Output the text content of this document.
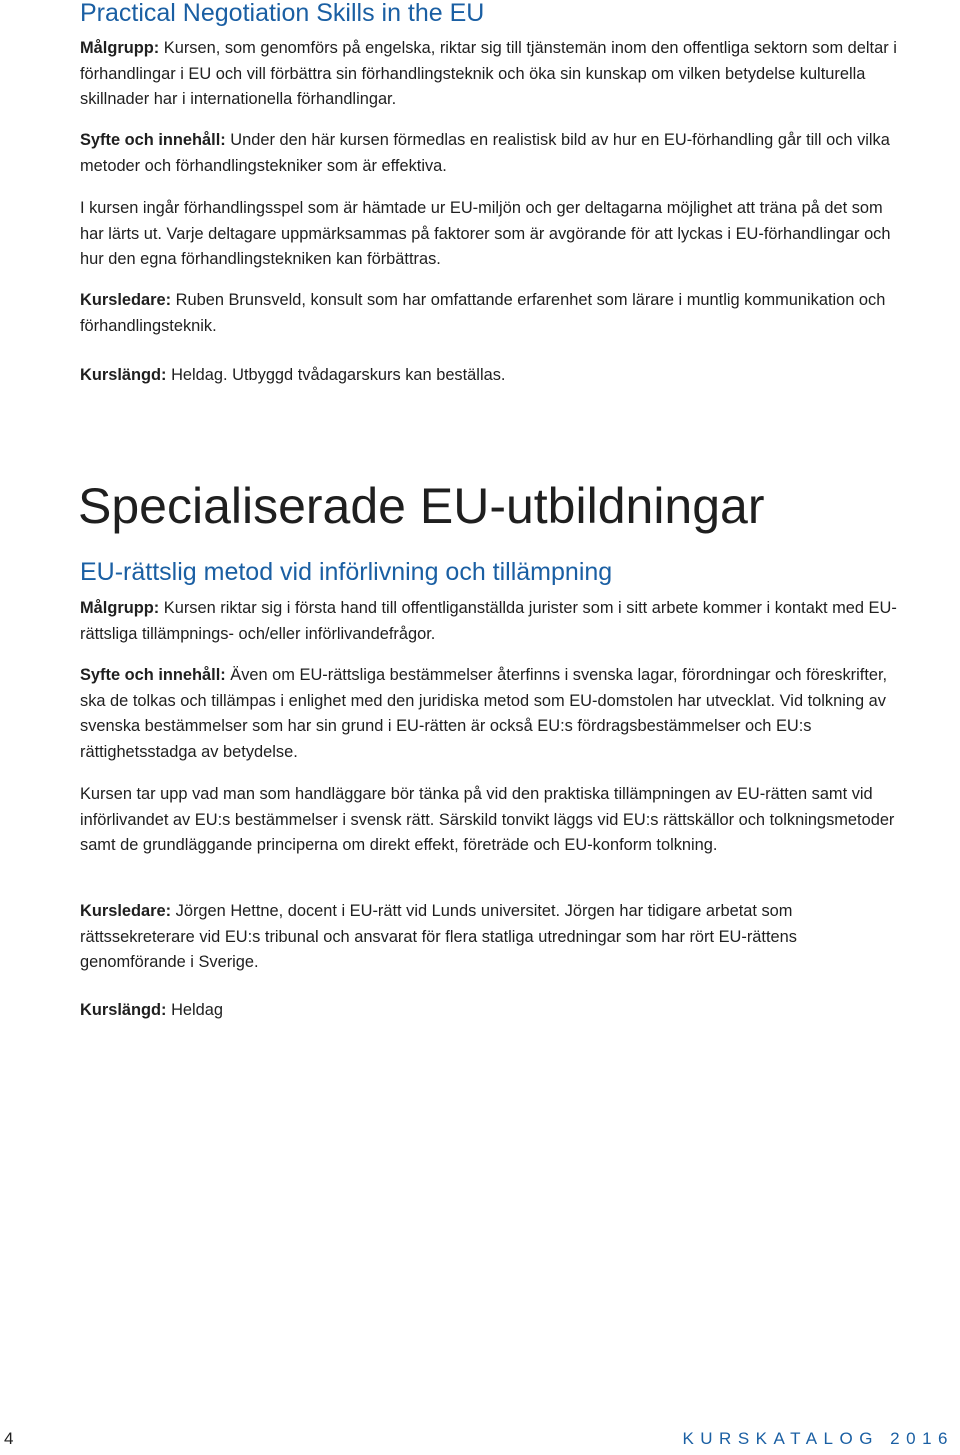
Practical Negotiation Skills in the EU

Målgrupp: Kursen, som genomförs på engelska, riktar sig till tjänstemän inom den offentliga sektorn som deltar i förhandlingar i EU och vill förbättra sin förhandlingsteknik och öka sin kunskap om vilken betydelse kulturella skillnader har i internationella förhandlingar.

Syfte och innehåll: Under den här kursen förmedlas en realistisk bild av hur en EU-förhandling går till och vilka metoder och förhandlingstekniker som är effektiva.

I kursen ingår förhandlingsspel som är hämtade ur EU-miljön och ger deltagarna möjlighet att träna på det som har lärts ut. Varje deltagare uppmärksammas på faktorer som är avgörande för att lyckas i EU-förhandlingar och hur den egna förhandlingstekniken kan förbättras.

Kursledare: Ruben Brunsveld, konsult som har omfattande erfarenhet som lärare i muntlig kommunikation och förhandlingsteknik.

Kurslängd: Heldag. Utbyggd tvådagarskurs kan beställas.

Specialiserade EU-utbildningar
EU-rättslig metod vid införlivning och tillämpning

Målgrupp: Kursen riktar sig i första hand till offentliganställda jurister som i sitt arbete kommer i kontakt med EU-rättsliga tillämpnings- och/eller införlivandefrågor.

Syfte och innehåll: Även om EU-rättsliga bestämmelser återfinns i svenska lagar, förordningar och föreskrifter, ska de tolkas och tillämpas i enlighet med den juridiska metod som EU-domstolen har utvecklat. Vid tolkning av svenska bestämmelser som har sin grund i EU-rätten är också EU:s fördragsbestämmelser och EU:s rättighetsstadga av betydelse.

Kursen tar upp vad man som handläggare bör tänka på vid den praktiska tillämpningen av EU-rätten samt vid införlivandet av EU:s bestämmelser i svensk rätt. Särskild tonvikt läggs vid EU:s rättskällor och tolkningsmetoder samt de grundläggande principerna om direkt effekt, företräde och EU-konform tolkning.

Kursledare: Jörgen Hettne, docent i EU-rätt vid Lunds universitet. Jörgen har tidigare arbetat som rättssekreterare vid EU:s tribunal och ansvarat för flera statliga utredningar som har rört EU-rättens genomförande i Sverige.

Kurslängd: Heldag

4	KURSKATALOG 2016
